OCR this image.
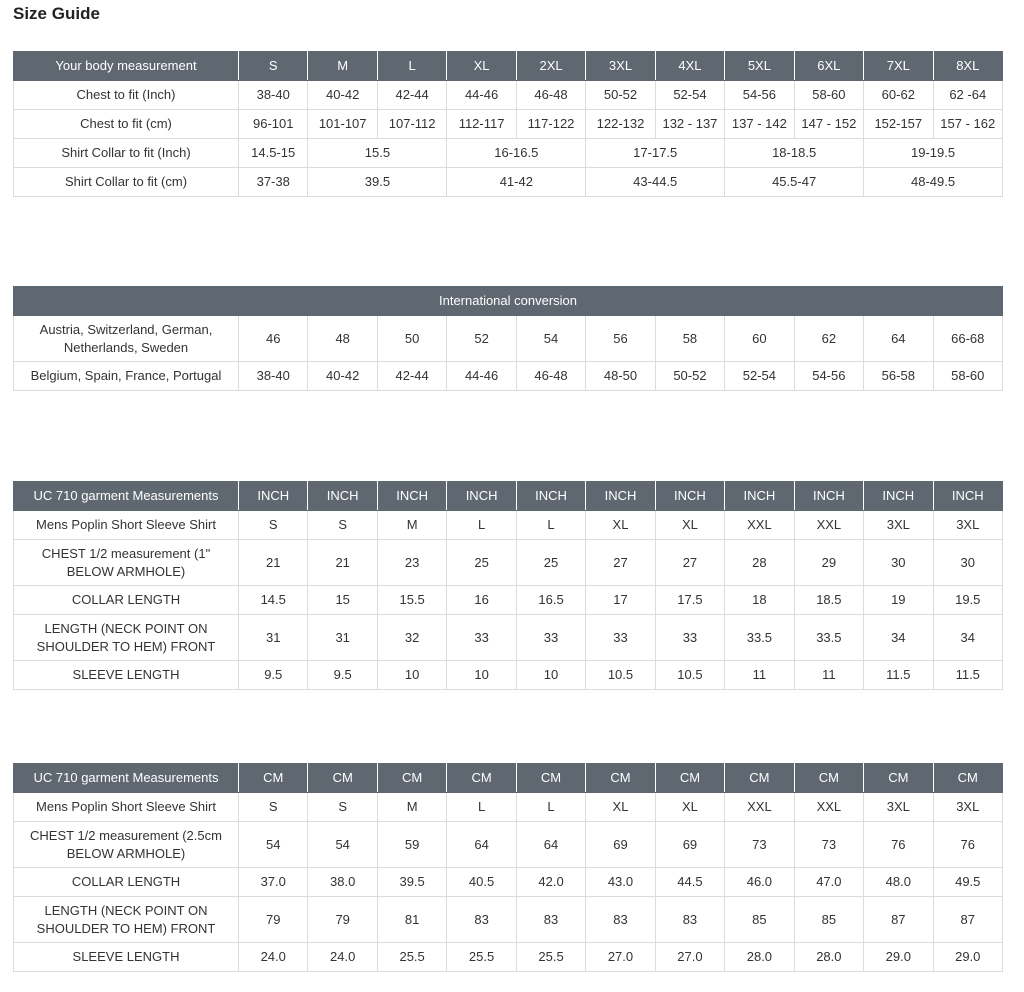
Size Guide
Your body measurement	S	M	L	XL	2XL	3XL	4XL	5XL	6XL	7XL	8XL
Chest to fit (Inch)	38-40	40-42	42-44	44-46	46-48	50-52	52-54	54-56	58-60	60-62	62 -64
Chest to fit (cm)	96-101	101-107	107-112	112-117	117-122	122-132	132 - 137	137 - 142	147 - 152	152-157	157 - 162
Shirt Collar to fit (Inch)	14.5-15	15.5		16-16.5		17-17.5		18-18.5		19-19.5	
Shirt Collar to fit (cm)	37-38	39.5		41-42		43-44.5		45.5-47		48-49.5	
International conversion											
Austria, Switzerland, German, Netherlands, Sweden	46	48	50	52	54	56	58	60	62	64	66-68
Belgium, Spain, France, Portugal	38-40	40-42	42-44	44-46	46-48	48-50	50-52	52-54	54-56	56-58	58-60
UC 710 garment Measurements	INCH	INCH	INCH	INCH	INCH	INCH	INCH	INCH	INCH	INCH	INCH
Mens Poplin Short Sleeve Shirt	S	S	M	L	L	XL	XL	XXL	XXL	3XL	3XL
CHEST 1/2 measurement (1" BELOW ARMHOLE)	21	21	23	25	25	27	27	28	29	30	30
COLLAR LENGTH	14.5	15	15.5	16	16.5	17	17.5	18	18.5	19	19.5
LENGTH (NECK POINT ON SHOULDER TO HEM) FRONT	31	31	32	33	33	33	33	33.5	33.5	34	34
SLEEVE LENGTH	9.5	9.5	10	10	10	10.5	10.5	11	11	11.5	11.5
UC 710 garment Measurements	CM	CM	CM	CM	CM	CM	CM	CM	CM	CM	CM
Mens Poplin Short Sleeve Shirt	S	S	M	L	L	XL	XL	XXL	XXL	3XL	3XL
CHEST 1/2 measurement (2.5cm BELOW ARMHOLE)	54	54	59	64	64	69	69	73	73	76	76
COLLAR LENGTH	37.0	38.0	39.5	40.5	42.0	43.0	44.5	46.0	47.0	48.0	49.5
LENGTH (NECK POINT ON SHOULDER TO HEM) FRONT	79	79	81	83	83	83	83	85	85	87	87
SLEEVE LENGTH	24.0	24.0	25.5	25.5	25.5	27.0	27.0	28.0	28.0	29.0	29.0
